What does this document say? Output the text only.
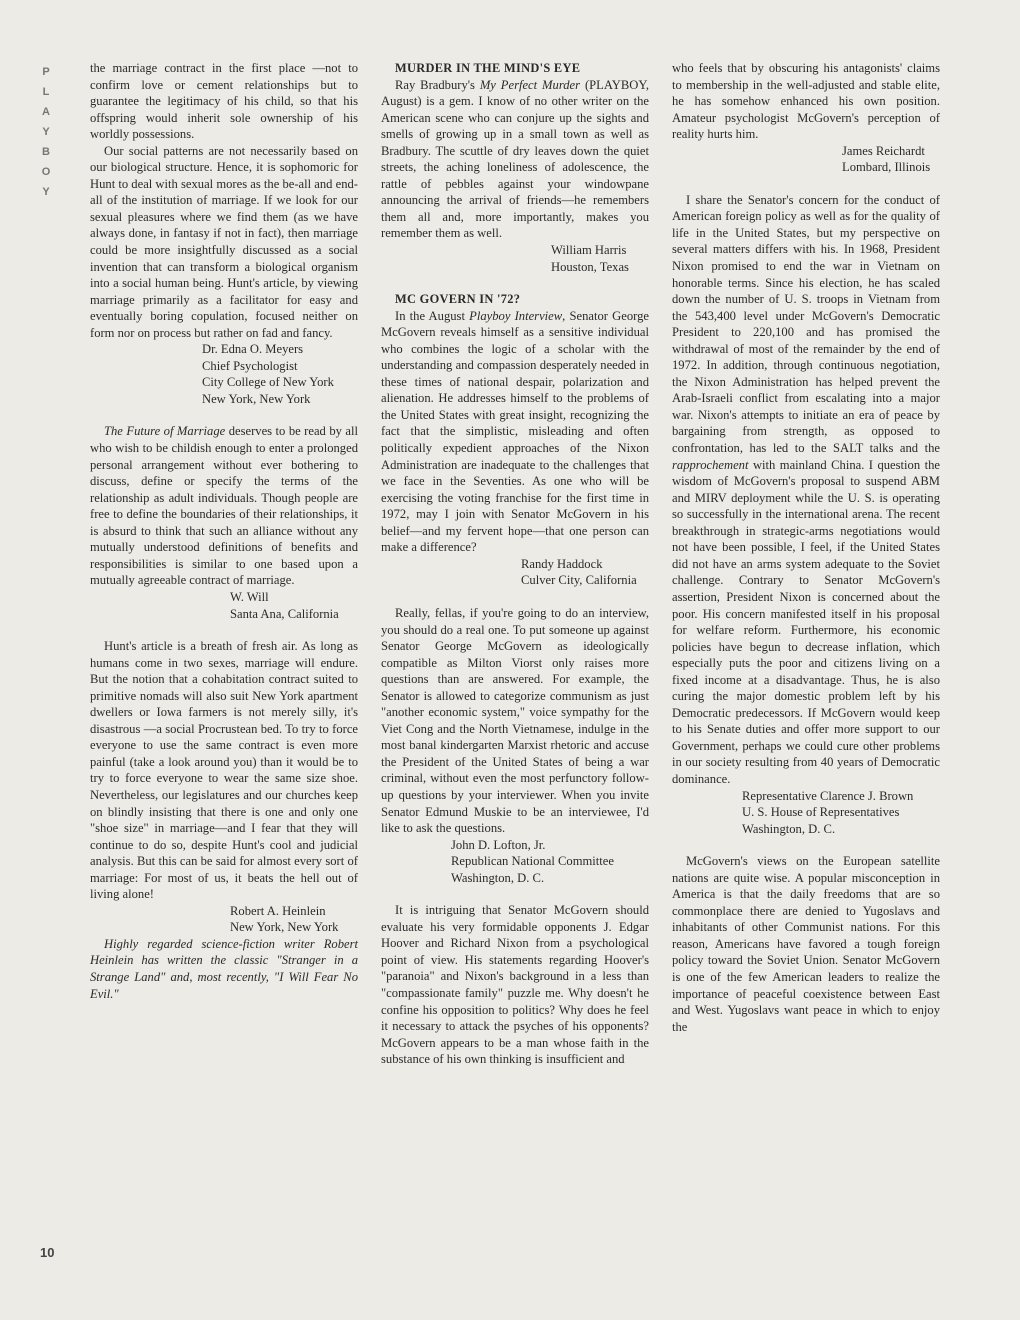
P
L
A
Y
B
O
Y

the marriage contract in the first place —not to confirm love or cement relationships but to guarantee the legitimacy of his child, so that his offspring would inherit sole ownership of his worldly possessions.

Our social patterns are not necessarily based on our biological structure. Hence, it is sophomoric for Hunt to deal with sexual mores as the be-all and end-all of the institution of marriage. If we look for our sexual pleasures where we find them (as we have always done, in fantasy if not in fact), then marriage could be more insightfully discussed as a social invention that can transform a biological organism into a social human being. Hunt's article, by viewing marriage primarily as a facilitator for easy and eventually boring copulation, focused neither on form nor on process but rather on fad and fancy.

Dr. Edna O. Meyers
Chief Psychologist
City College of New York
New York, New York

The Future of Marriage deserves to be read by all who wish to be childish enough to enter a prolonged personal arrangement without ever bothering to discuss, define or specify the terms of the relationship as adult individuals. Though people are free to define the boundaries of their relationships, it is absurd to think that such an alliance without any mutually understood definitions of benefits and responsibilities is similar to one based upon a mutually agreeable contract of marriage.

W. Will
Santa Ana, California

Hunt's article is a breath of fresh air. As long as humans come in two sexes, marriage will endure. But the notion that a cohabitation contract suited to primitive nomads will also suit New York apartment dwellers or Iowa farmers is not merely silly, it's disastrous —a social Procrustean bed. To try to force everyone to use the same contract is even more painful (take a look around you) than it would be to try to force everyone to wear the same size shoe. Nevertheless, our legislatures and our churches keep on blindly insisting that there is one and only one "shoe size" in marriage—and I fear that they will continue to do so, despite Hunt's cool and judicial analysis. But this can be said for almost every sort of marriage: For most of us, it beats the hell out of living alone!

Robert A. Heinlein
New York, New York

Highly regarded science-fiction writer Robert Heinlein has written the classic "Stranger in a Strange Land" and, most recently, "I Will Fear No Evil."

MURDER IN THE MIND'S EYE

Ray Bradbury's My Perfect Murder (PLAYBOY, August) is a gem. I know of no other writer on the American scene who can conjure up the sights and smells of growing up in a small town as well as Bradbury. The scuttle of dry leaves down the quiet streets, the aching loneliness of adolescence, the rattle of pebbles against your windowpane announcing the arrival of friends—he remembers them all and, more importantly, makes you remember them as well.

William Harris
Houston, Texas

MC GOVERN IN '72?

In the August Playboy Interview, Senator George McGovern reveals himself as a sensitive individual who combines the logic of a scholar with the understanding and compassion desperately needed in these times of national despair, polarization and alienation. He addresses himself to the problems of the United States with great insight, recognizing the fact that the simplistic, misleading and often politically expedient approaches of the Nixon Administration are inadequate to the challenges that we face in the Seventies. As one who will be exercising the voting franchise for the first time in 1972, may I join with Senator McGovern in his belief—and my fervent hope—that one person can make a difference?

Randy Haddock
Culver City, California

Really, fellas, if you're going to do an interview, you should do a real one. To put someone up against Senator George McGovern as ideologically compatible as Milton Viorst only raises more questions than are answered. For example, the Senator is allowed to categorize communism as just "another economic system," voice sympathy for the Viet Cong and the North Vietnamese, indulge in the most banal kindergarten Marxist rhetoric and accuse the President of the United States of being a war criminal, without even the most perfunctory follow-up questions by your interviewer. When you invite Senator Edmund Muskie to be an interviewee, I'd like to ask the questions.

John D. Lofton, Jr.
Republican National Committee
Washington, D. C.

It is intriguing that Senator McGovern should evaluate his very formidable opponents J. Edgar Hoover and Richard Nixon from a psychological point of view. His statements regarding Hoover's "paranoia" and Nixon's background in a less than "compassionate family" puzzle me. Why doesn't he confine his opposition to politics? Why does he feel it necessary to attack the psyches of his opponents? McGovern appears to be a man whose faith in the substance of his own thinking is insufficient and

who feels that by obscuring his antagonists' claims to membership in the well-adjusted and stable elite, he has somehow enhanced his own position. Amateur psychologist McGovern's perception of reality hurts him.

James Reichardt
Lombard, Illinois

I share the Senator's concern for the conduct of American foreign policy as well as for the quality of life in the United States, but my perspective on several matters differs with his. In 1968, President Nixon promised to end the war in Vietnam on honorable terms. Since his election, he has scaled down the number of U. S. troops in Vietnam from the 543,400 level under McGovern's Democratic President to 220,100 and has promised the withdrawal of most of the remainder by the end of 1972. In addition, through continuous negotiation, the Nixon Administration has helped prevent the Arab-Israeli conflict from escalating into a major war. Nixon's attempts to initiate an era of peace by bargaining from strength, as opposed to confrontation, has led to the SALT talks and the rapprochement with mainland China. I question the wisdom of McGovern's proposal to suspend ABM and MIRV deployment while the U. S. is operating so successfully in the international arena. The recent breakthrough in strategic-arms negotiations would not have been possible, I feel, if the United States did not have an arms system adequate to the Soviet challenge. Contrary to Senator McGovern's assertion, President Nixon is concerned about the poor. His concern manifested itself in his proposal for welfare reform. Furthermore, his economic policies have begun to decrease inflation, which especially puts the poor and citizens living on a fixed income at a disadvantage. Thus, he is also curing the major domestic problem left by his Democratic predecessors. If McGovern would keep to his Senate duties and offer more support to our Government, perhaps we could cure other problems in our society resulting from 40 years of Democratic dominance.

Representative Clarence J. Brown
U. S. House of Representatives
Washington, D. C.

McGovern's views on the European satellite nations are quite wise. A popular misconception in America is that the daily freedoms that are so commonplace there are denied to Yugoslavs and inhabitants of other Communist nations. For this reason, Americans have favored a tough foreign policy toward the Soviet Union. Senator McGovern is one of the few American leaders to realize the importance of peaceful coexistence between East and West. Yugoslavs want peace in which to enjoy the

10
